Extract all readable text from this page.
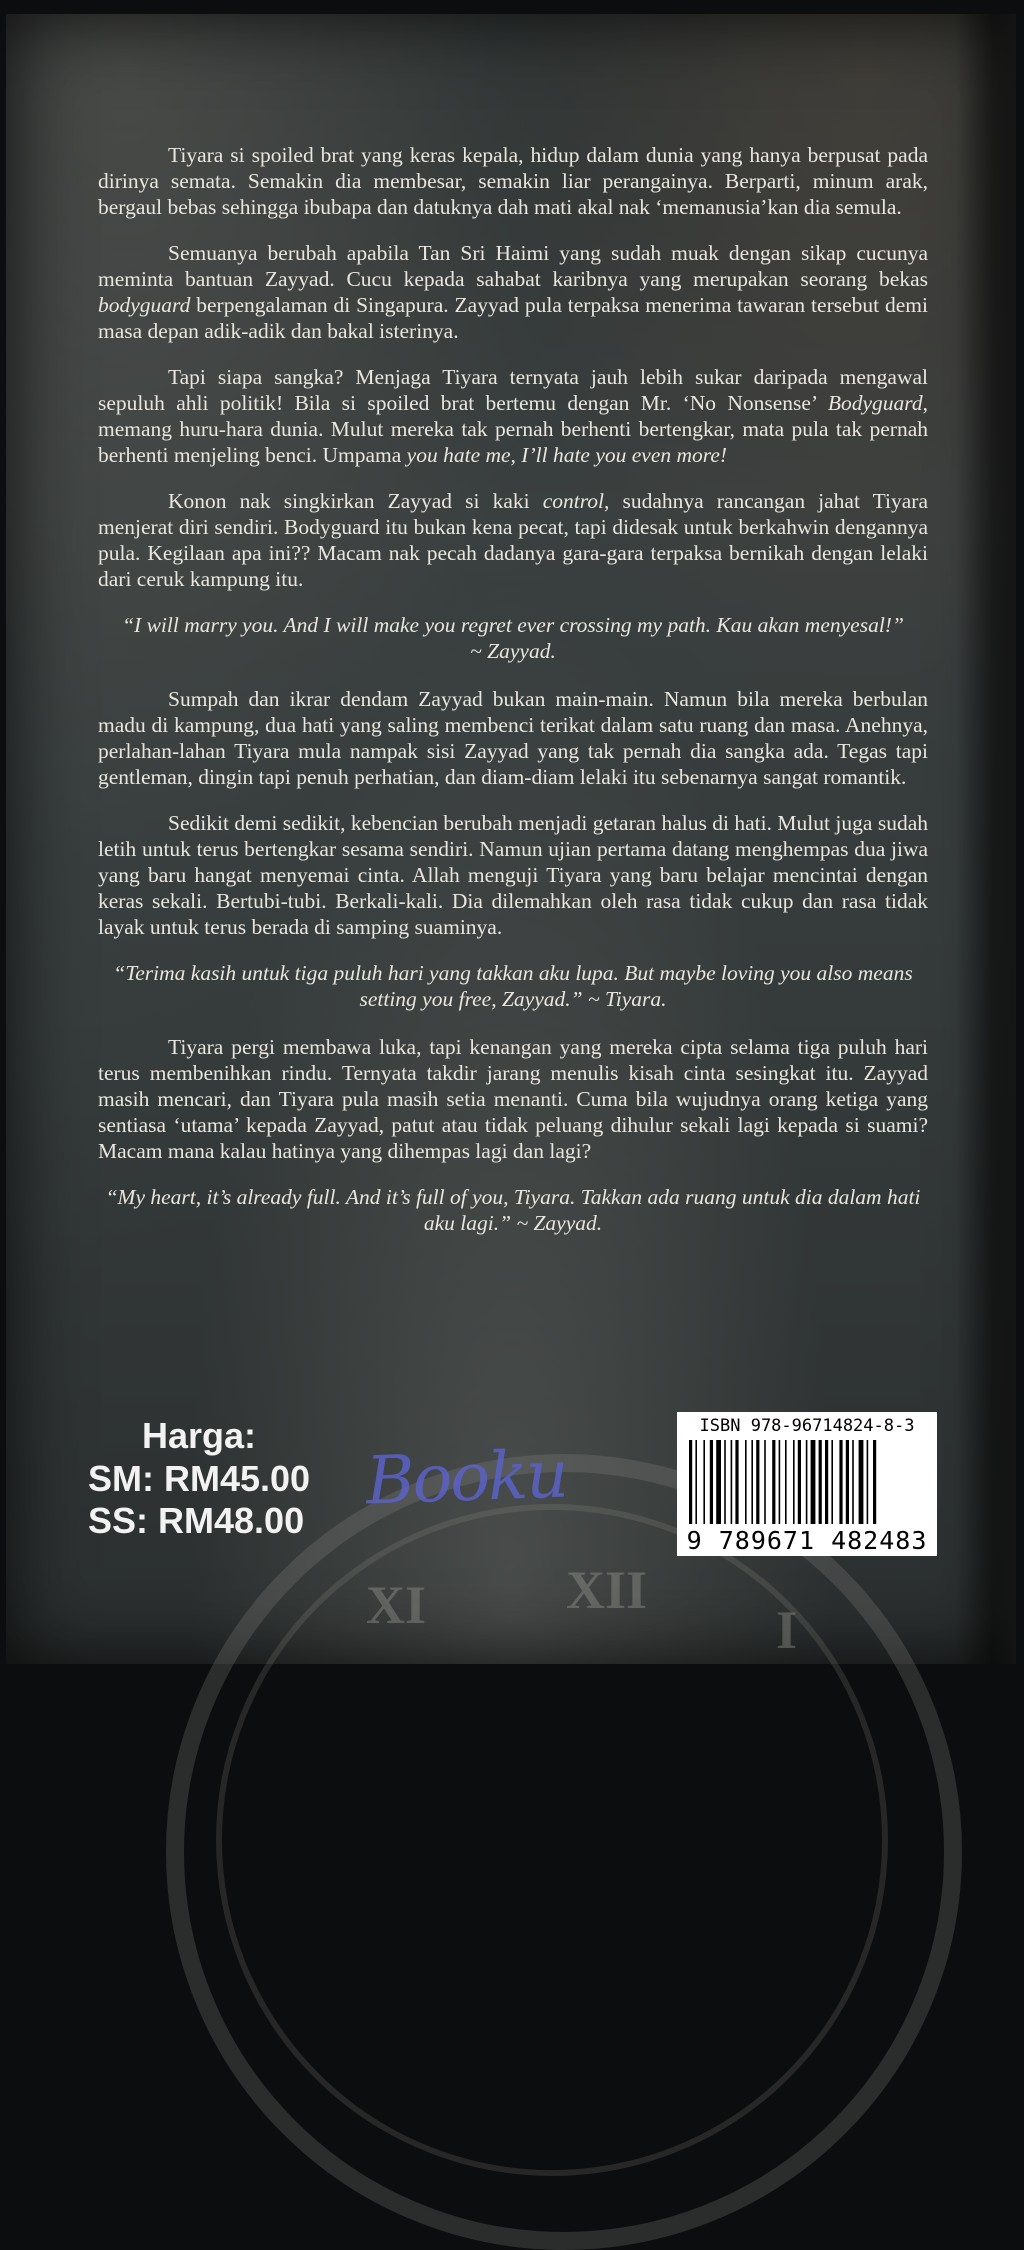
XI	XII
I

Tiyara si spoiled brat yang keras kepala, hidup dalam dunia yang hanya berpusat pada dirinya semata. Semakin dia membesar, semakin liar perangainya. Berparti, minum arak, bergaul bebas sehingga ibubapa dan datuknya dah mati akal nak ‘memanusia’kan dia semula.

Semuanya berubah apabila Tan Sri Haimi yang sudah muak dengan sikap cucunya meminta bantuan Zayyad. Cucu kepada sahabat karibnya yang merupakan seorang bekas bodyguard berpengalaman di Singapura. Zayyad pula terpaksa menerima tawaran tersebut demi masa depan adik-adik dan bakal isterinya.

Tapi siapa sangka? Menjaga Tiyara ternyata jauh lebih sukar daripada mengawal sepuluh ahli politik! Bila si spoiled brat bertemu dengan Mr. ‘No Nonsense’ Bodyguard, memang huru-hara dunia. Mulut mereka tak pernah berhenti bertengkar, mata pula tak pernah berhenti menjeling benci. Umpama you hate me, I’ll hate you even more!

Konon nak singkirkan Zayyad si kaki control, sudahnya rancangan jahat Tiyara menjerat diri sendiri. Bodyguard itu bukan kena pecat, tapi didesak untuk berkahwin dengannya pula. Kegilaan apa ini?? Macam nak pecah dadanya gara-gara terpaksa bernikah dengan lelaki dari ceruk kampung itu.

“I will marry you. And I will make you regret ever crossing my path. Kau akan menyesal!”
~ Zayyad.

Sumpah dan ikrar dendam Zayyad bukan main-main. Namun bila mereka berbulan madu di kampung, dua hati yang saling membenci terikat dalam satu ruang dan masa. Anehnya, perlahan-lahan Tiyara mula nampak sisi Zayyad yang tak pernah dia sangka ada. Tegas tapi gentleman, dingin tapi penuh perhatian, dan diam-diam lelaki itu sebenarnya sangat romantik.

Sedikit demi sedikit, kebencian berubah menjadi getaran halus di hati. Mulut juga sudah letih untuk terus bertengkar sesama sendiri. Namun ujian pertama datang menghempas dua jiwa yang baru hangat menyemai cinta. Allah menguji Tiyara yang baru belajar mencintai dengan keras sekali. Bertubi-tubi. Berkali-kali. Dia dilemahkan oleh rasa tidak cukup dan rasa tidak layak untuk terus berada di samping suaminya.

“Terima kasih untuk tiga puluh hari yang takkan aku lupa. But maybe loving you also means setting you free, Zayyad.” ~ Tiyara.

Tiyara pergi membawa luka, tapi kenangan yang mereka cipta selama tiga puluh hari terus membenihkan rindu. Ternyata takdir jarang menulis kisah cinta sesingkat itu. Zayyad masih mencari, dan Tiyara pula masih setia menanti. Cuma bila wujudnya orang ketiga yang sentiasa ‘utama’ kepada Zayyad, patut atau tidak peluang dihulur sekali lagi kepada si suami? Macam mana kalau hatinya yang dihempas lagi dan lagi?

“My heart, it’s already full. And it’s full of you, Tiyara. Takkan ada ruang untuk dia dalam hati aku lagi.” ~ Zayyad.

Harga:
SM: RM45.00
SS: RM48.00
Booku
ISBN 978-96714824-8-3
9 789671 482483
